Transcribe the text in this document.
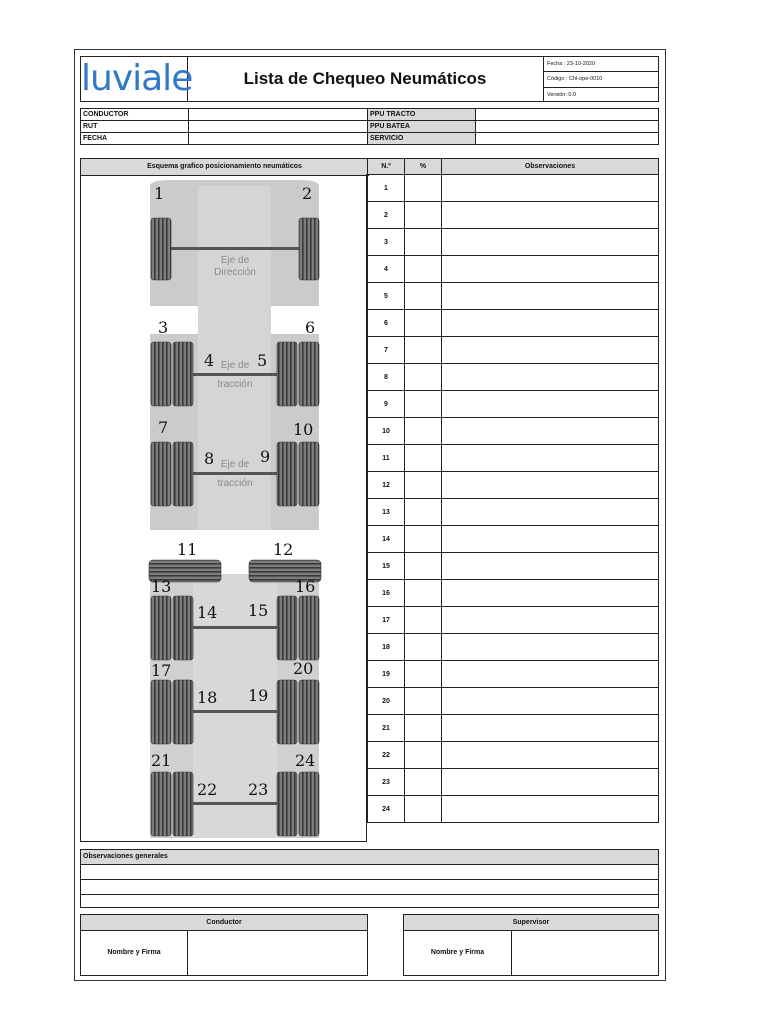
luviale	Lista de Chequeo Neumáticos
Fecha : 23-10-2020
Código : Chl-ope-0010
Versión: 0.0
CONDUCTOR		PPU TRACTO	
RUT		PPU BATEA	
FECHA		SERVICIO	
Esquema grafico posicionamiento neumáticos
Eje de
Dirección
Eje de
tracción
Eje de
tracción
1	2
3
4	5
6
7
8	9
10
11	12
13
14 15
16
17
18 19
20
21
22 23
24
N.º	%	Observaciones
1		
2		
3		
4		
5		
6		
7		
8		
9		
10		
11		
12		
13		
14		
15		
16		
17		
18		
19		
20		
21		
22		
23		
24		
Observaciones generales
Conductor
Nombre y Firma
Supervisor
Nombre y Firma
